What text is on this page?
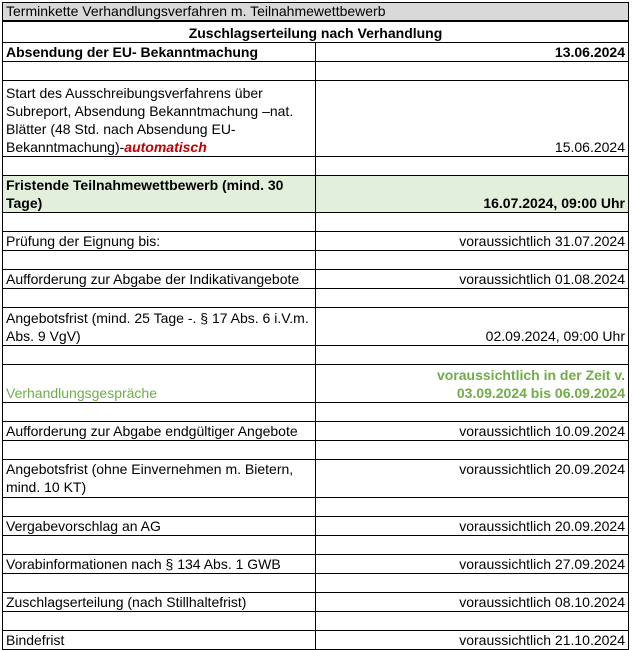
Terminkette Verhandlungsverfahren m. Teilnahmewettbewerb
Zuschlagserteilung nach Verhandlung	
Absendung der EU- Bekanntmachung	13.06.2024

Start des Ausschreibungsverfahrens über Subreport, Absendung Bekanntmachung –nat. Blätter (48 Std. nach Absendung EU-Bekanntmachung)-automatisch	15.06.2024

Fristende Teilnahmewettbewerb (mind. 30 Tage)	16.07.2024, 09:00 Uhr

Prüfung der Eignung bis:	voraussichtlich 31.07.2024

Aufforderung zur Abgabe der Indikativangebote	voraussichtlich 01.08.2024

Angebotsfrist (mind. 25 Tage -. § 17 Abs. 6 i.V.m. Abs. 9 VgV)	02.09.2024, 09:00 Uhr

Verhandlungsgespräche	voraussichtlich in der Zeit v.
03.09.2024 bis 06.09.2024

Aufforderung zur Abgabe endgültiger Angebote	voraussichtlich 10.09.2024

Angebotsfrist (ohne Einvernehmen m. Bietern, mind. 10 KT)	voraussichtlich 20.09.2024

Vergabevorschlag an AG	voraussichtlich 20.09.2024

Vorabinformationen nach § 134 Abs. 1 GWB	voraussichtlich 27.09.2024

Zuschlagserteilung (nach Stillhaltefrist)	voraussichtlich 08.10.2024

Bindefrist	voraussichtlich 21.10.2024
